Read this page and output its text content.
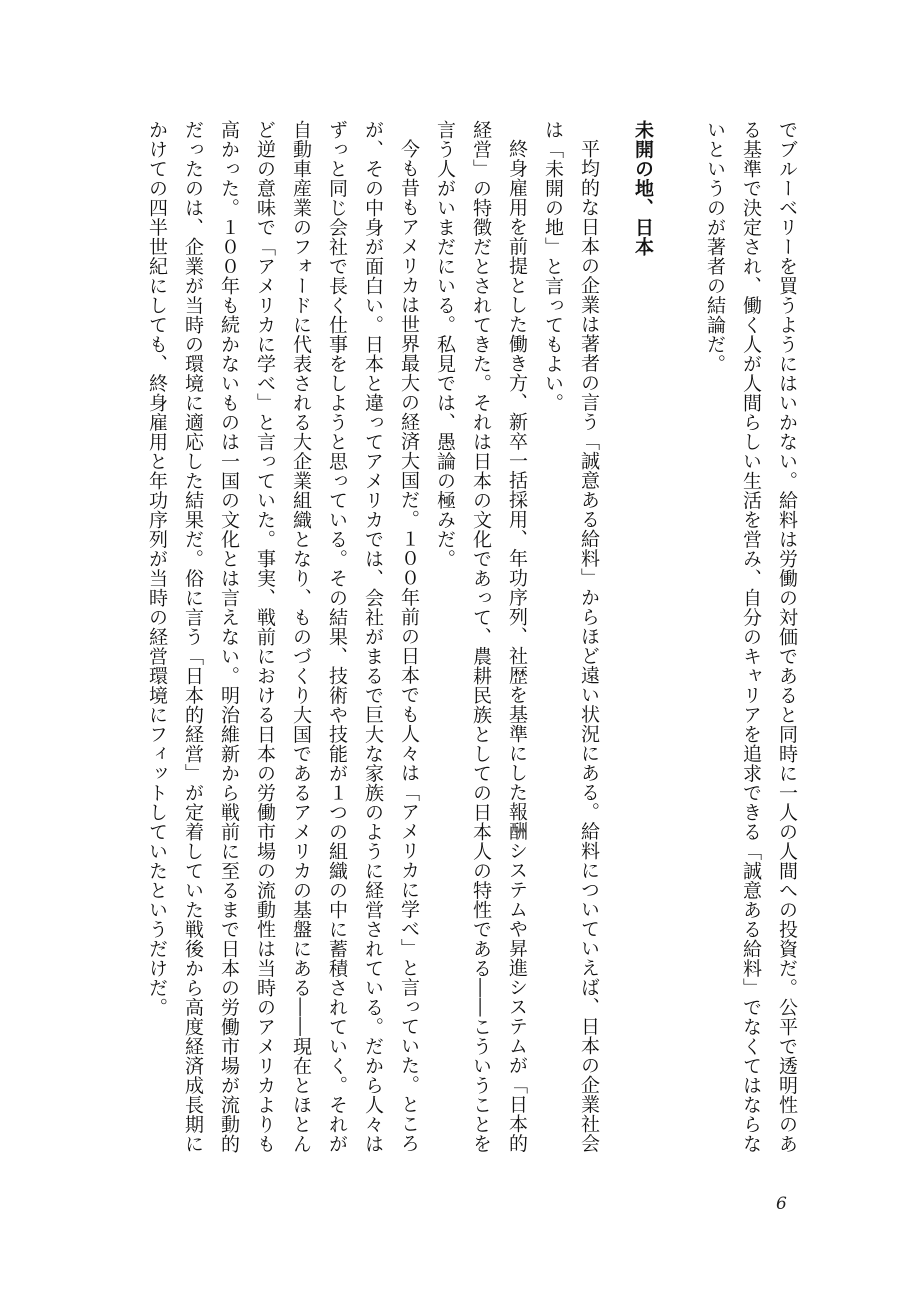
でブルーベリーを買うようにはいかない。給料は労働の対価であると同時に一人の人間への投資だ。公平で透明性のある基準で決定され、働く人が人間らしい生活を営み、自分のキャリアを追求できる「誠意ある給料」でなくてはならないというのが著者の結論だ。

未開の地、日本

平均的な日本の企業は著者の言う「誠意ある給料」からほど遠い状況にある。給料についていえば、日本の企業社会は「未開の地」と言ってもよい。

終身雇用を前提とした働き方、新卒一括採用、年功序列、社歴を基準にした報酬システムや昇進システムが「日本的経営」の特徴だとされてきた。それは日本の文化であって、農耕民族としての日本人の特性である――こういうことを言う人がいまだにいる。私見では、愚論の極みだ。

今も昔もアメリカは世界最大の経済大国だ。１００年前の日本でも人々は「アメリカに学べ」と言っていた。ところが、その中身が面白い。日本と違ってアメリカでは、会社がまるで巨大な家族のように経営されている。だから人々はずっと同じ会社で長く仕事をしようと思っている。その結果、技術や技能が１つの組織の中に蓄積されていく。それが自動車産業のフォードに代表される大企業組織となり、ものづくり大国であるアメリカの基盤にある――現在とほとんど逆の意味で「アメリカに学べ」と言っていた。事実、戦前における日本の労働市場の流動性は当時のアメリカよりも高かった。１００年も続かないものは一国の文化とは言えない。明治維新から戦前に至るまで日本の労働市場が流動的だったのは、企業が当時の環境に適応した結果だ。俗に言う「日本的経営」が定着していた戦後から高度経済成長期にかけての四半世紀にしても、終身雇用と年功序列が当時の経営環境にフィットしていたというだけだ。

6
